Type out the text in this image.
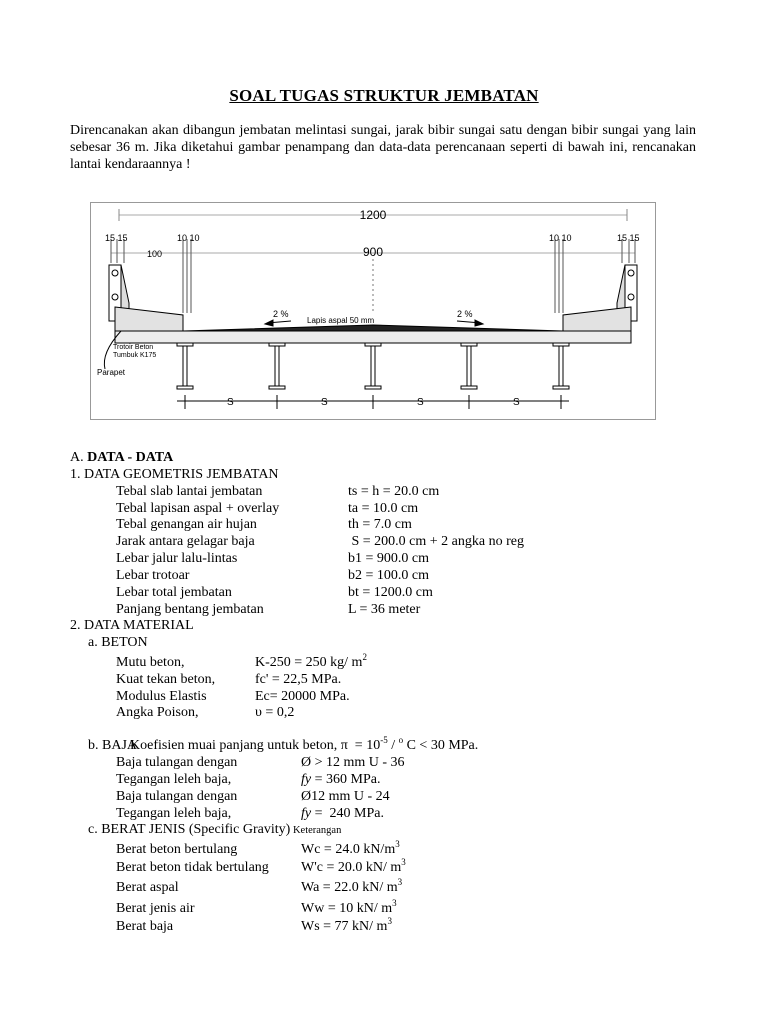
SOAL TUGAS STRUKTUR JEMBATAN
Direncanakan akan dibangun jembatan melintasi sungai, jarak bibir sungai satu dengan bibir sungai yang lain sebesar 36 m. Jika diketahui gambar penampang dan data-data perencanaan seperti di bawah ini, rencanakan lantai kendaraannya !
1200
900
15 15
100
10 10	10 10	15 15
2 %	2 %
Lapis aspal 50 mm
Trotoir Beton
Tumbuk K175
Parapet
S	S	S	S
A. DATA - DATA
1. DATA GEOMETRIS JEMBATAN
Tebal slab lantai jembatan	ts = h = 20.0 cm
Tebal lapisan aspal + overlay	ta = 10.0 cm
Tebal genangan air hujan	th = 7.0 cm
Jarak antara gelagar baja	S = 200.0 cm + 2 angka no reg
Lebar jalur lalu-lintas	b1 = 900.0 cm
Lebar trotoar	b2 = 100.0 cm
Lebar total jembatan	bt = 1200.0 cm
Panjang bentang jembatan	L = 36 meter
2. DATA MATERIAL
a. BETON
Mutu beton,	K-250 = 250 kg/ $m^2$
Kuat tekan beton,	fc' = 22,5 MPa.
Modulus Elastis	Ec= 20000 MPa.
Angka Poison,	υ = 0,2

Koefisien muai panjang untuk beton, $\pi = 10^{-5} / ^o$ C < 30 MPa.

b. BAJA
Baja tulangan dengan	Ø > 12 mm U - 36
Tegangan leleh baja,	fy = 360 MPa.
Baja tulangan dengan	Ø12 mm U - 24
Tegangan leleh baja,	fy =  240 MPa.
c. BERAT JENIS (Specific Gravity) Keterangan
Berat beton bertulang	Wc = 24.0 $kN/m^3$
Berat beton tidak bertulang W'c = 20.0 kN/ $m^3$
Berat aspal	Wa = 22.0 kN/ $m^3$
Berat jenis air	Ww = 10 kN/ $m^3$
Berat baja	Ws = 77 kN/ $m^3$
